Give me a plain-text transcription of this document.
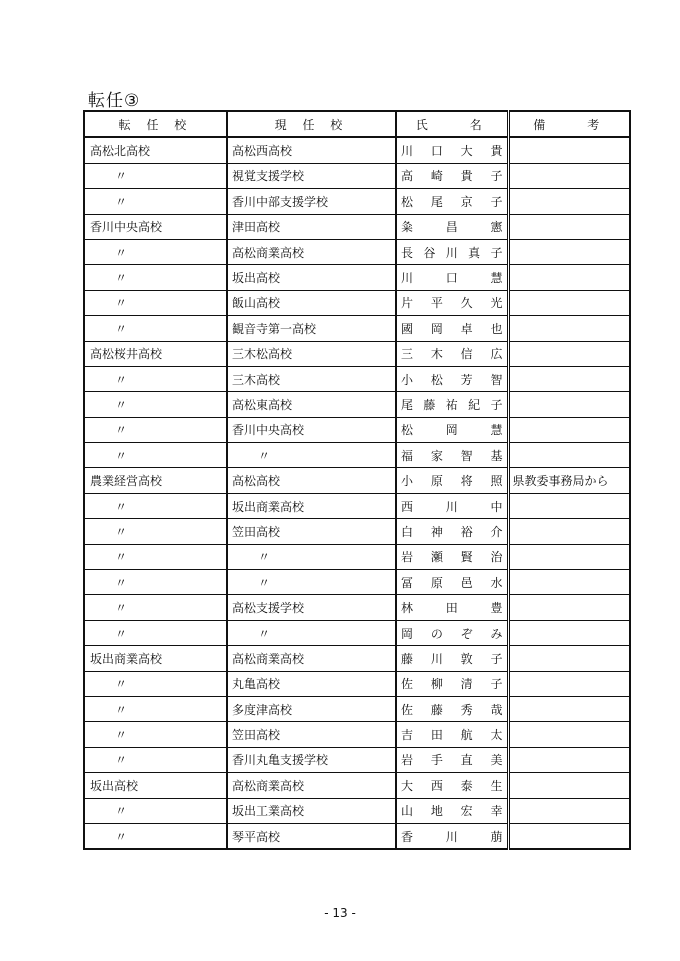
転任③
転 任 校	現 任 校	氏　　名	備　　考
高松北高校	高松西高校	川 口 大 貴	

〃	視覚支援学校	高 崎 貴 子	

〃	香川中部支援学校	松 尾 京 子	

香川中央高校	津田高校	粂 昌 憲	

〃	高松商業高校	長 谷 川 真 子	

〃	坂出高校	川 口 慧	

〃	飯山高校	片 平 久 光	

〃	観音寺第一高校	國 岡 卓 也	

高松桜井高校	三木松高校	三 木 信 広	

〃	三木高校	小 松 芳 智	

〃	高松東高校	尾 藤 祐 紀 子	

〃	香川中央高校	松 岡 慧	

〃	〃	福 家 智 基	

農業経営高校	高松高校	小 原 将 照	県教委事務局から
〃	坂出商業高校	西 川 中	

〃	笠田高校	白 神 裕 介	

〃	〃	岩 瀬 賢 治	

〃	〃	冨 原 邑 水	

〃	高松支援学校	林 田 豊	

〃	〃	岡 の ぞ み	

坂出商業高校	高松商業高校	藤 川 敦 子	

〃	丸亀高校	佐 柳 清 子	

〃	多度津高校	佐 藤 秀 哉	

〃	笠田高校	吉 田 航 太	

〃	香川丸亀支援学校	岩 手 直 美	

坂出高校	高松商業高校	大 西 泰 生	

〃	坂出工業高校	山 地 宏 幸	

〃	琴平高校	香 川 萠	

- 13 -
